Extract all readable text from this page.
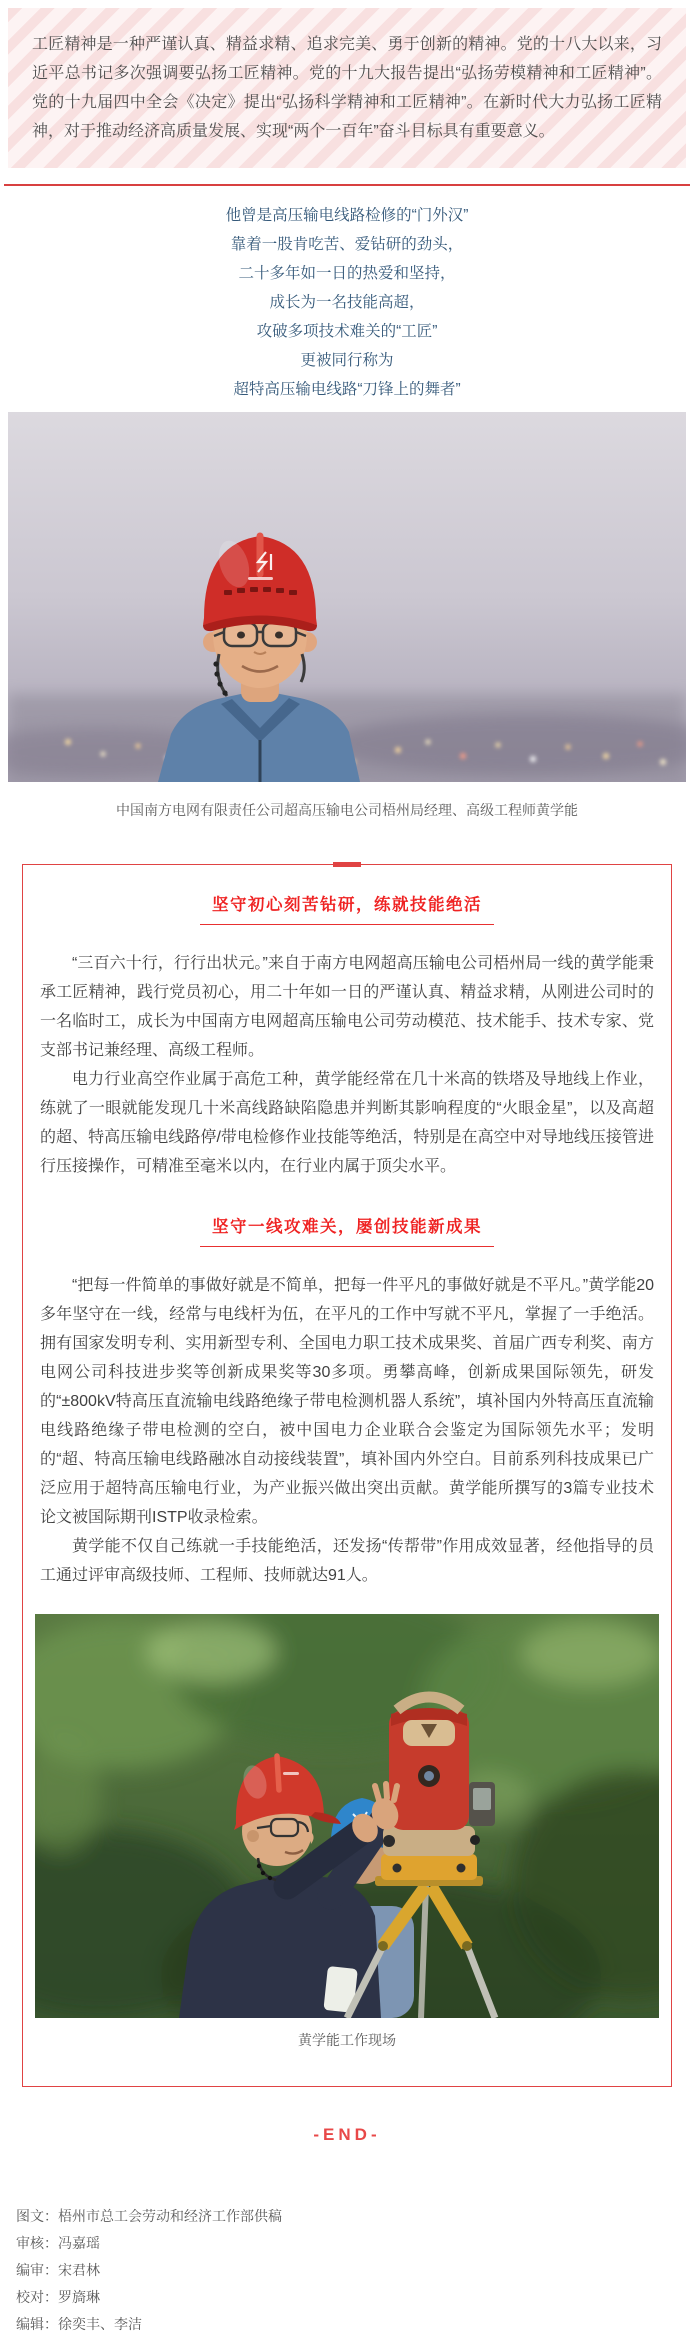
工匠精神是一种严谨认真、精益求精、追求完美、勇于创新的精神。党的十八大以来，习近平总书记多次强调要弘扬工匠精神。党的十九大报告提出“弘扬劳模精神和工匠精神”。党的十九届四中全会《决定》提出“弘扬科学精神和工匠精神”。在新时代大力弘扬工匠精神，对于推动经济高质量发展、实现“两个一百年”奋斗目标具有重要意义。
他曾是高压输电线路检修的“门外汉”
靠着一股肯吃苦、爱钻研的劲头，
二十多年如一日的热爱和坚持，
成长为一名技能高超，
攻破多项技术难关的“工匠”
更被同行称为
超特高压输电线路“刀锋上的舞者”
中国南方电网有限责任公司超高压输电公司梧州局经理、高级工程师黄学能
坚守初心刻苦钻研，练就技能绝活

“三百六十行，行行出状元。”来自于南方电网超高压输电公司梧州局一线的黄学能秉承工匠精神，践行党员初心，用二十年如一日的严谨认真、精益求精，从刚进公司时的一名临时工，成长为中国南方电网超高压输电公司劳动模范、技术能手、技术专家、党支部书记兼经理、高级工程师。

电力行业高空作业属于高危工种，黄学能经常在几十米高的铁塔及导地线上作业，练就了一眼就能发现几十米高线路缺陷隐患并判断其影响程度的“火眼金星”，以及高超的超、特高压输电线路停/带电检修作业技能等绝活，特别是在高空中对导地线压接管进行压接操作，可精准至毫米以内，在行业内属于顶尖水平。

坚守一线攻难关，屡创技能新成果

“把每一件简单的事做好就是不简单，把每一件平凡的事做好就是不平凡。”黄学能20多年坚守在一线，经常与电线杆为伍，在平凡的工作中写就不平凡，掌握了一手绝活。拥有国家发明专利、实用新型专利、全国电力职工技术成果奖、首届广西专利奖、南方电网公司科技进步奖等创新成果奖等30多项。勇攀高峰，创新成果国际领先，研发的“±800kV特高压直流输电线路绝缘子带电检测机器人系统”，填补国内外特高压直流输电线路绝缘子带电检测的空白，被中国电力企业联合会鉴定为国际领先水平；发明的“超、特高压输电线路融冰自动接线装置”，填补国内外空白。目前系列科技成果已广泛应用于超特高压输电行业，为产业振兴做出突出贡献。黄学能所撰写的3篇专业技术论文被国际期刊ISTP收录检索。

黄学能不仅自己练就一手技能绝活，还发扬“传帮带”作用成效显著，经他指导的员工通过评审高级技师、工程师、技师就达91人。

黄学能工作现场
-END-
图文：梧州市总工会劳动和经济工作部供稿
审核：冯嘉瑶
编审：宋君林
校对：罗旖琳
编辑：徐奕丰、李洁
